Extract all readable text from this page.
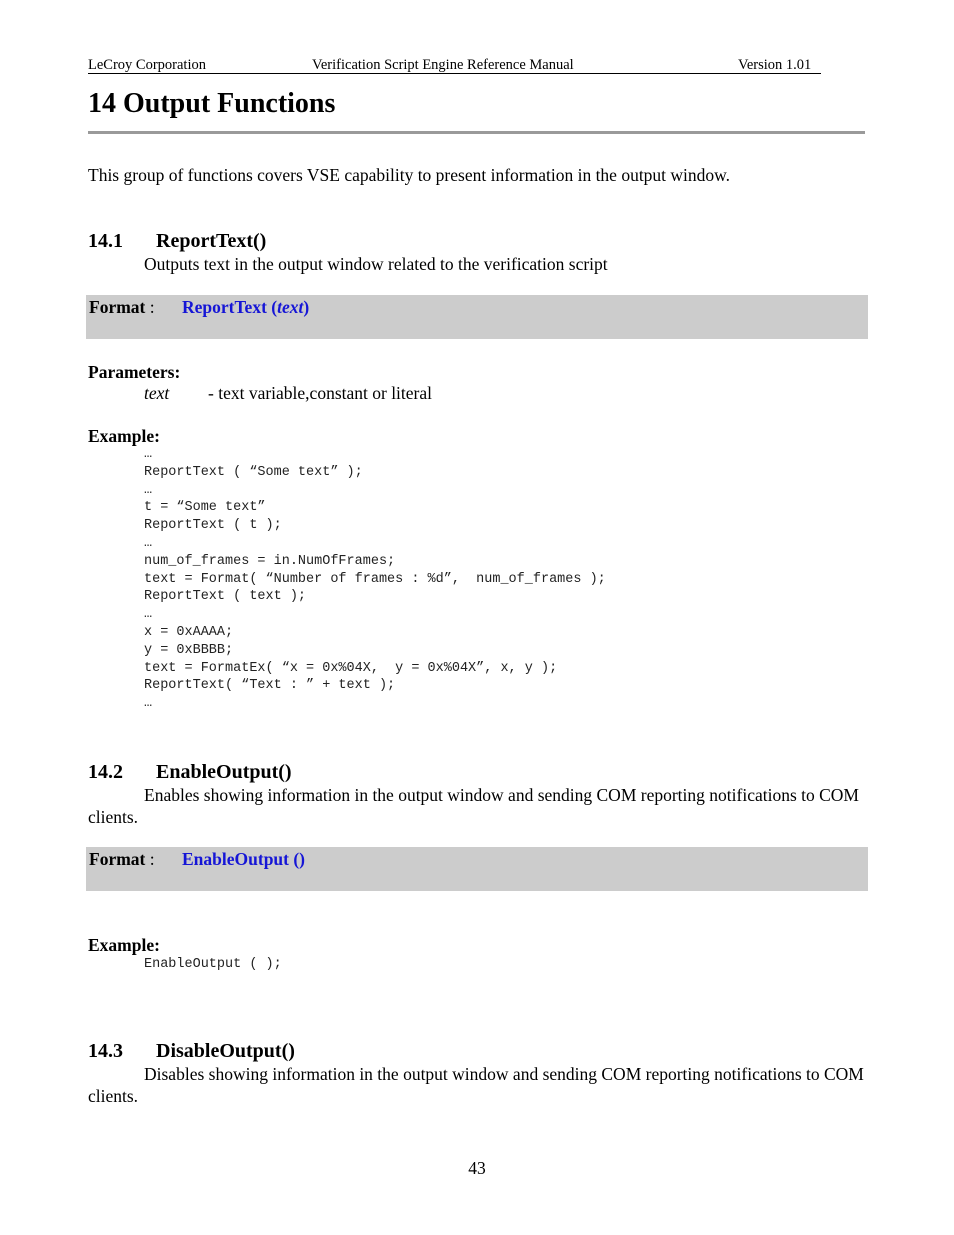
LeCroy Corporation	Verification Script Engine Reference Manual	Version 1.01
14 Output Functions
This group of functions covers VSE capability to present information in the output window.
14.1 ReportText()
Outputs text in the output window related to the verification script
Format : ReportText (text)
Parameters:
text - text variable,constant or literal
Example:
…
ReportText ( “Some text” );
…
t = “Some text”
ReportText ( t );
…
num_of_frames = in.NumOfFrames;
text = Format( “Number of frames : %d”,  num_of_frames );
ReportText ( text );
…
x = 0xAAAA;
y = 0xBBBB;
text = FormatEx( “x = 0x%04X,  y = 0x%04X”, x, y );
ReportText( “Text : ” + text );
…
14.2 EnableOutput()
Enables showing information in the output window and sending COM reporting notifications to COM clients.
Format : EnableOutput ()
Example:
EnableOutput ( );
14.3 DisableOutput()
Disables showing information in the output window and sending COM reporting notifications to COM clients.
43
